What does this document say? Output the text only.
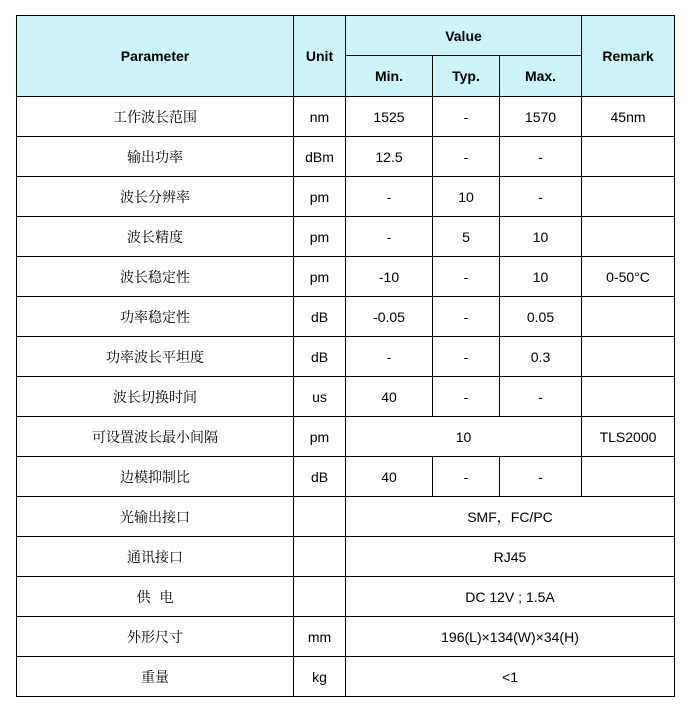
Parameter	Unit	Value			Remark
		Min.	Typ.	Max.	
工作波长范围	nm	1525	-	1570	45nm
输出功率	dBm	12.5	-	-	
波长分辨率	pm	-	10	-	
波长精度	pm	-	5	10	
波长稳定性	pm	-10	-	10	0-50°C
功率稳定性	dB	-0.05	-	0.05	
功率波长平坦度	dB	-	-	0.3	
波长切换时间	us	40	-	-	
可设置波长最小间隔	pm	10			TLS2000
边模抑制比	dB	40	-	-	
光输出接口		SMF，FC/PC			
通讯接口		RJ45			
供  电		DC 12V ; 1.5A			
外形尺寸	mm	196(L)×134(W)×34(H)			
重量	kg	<1			
